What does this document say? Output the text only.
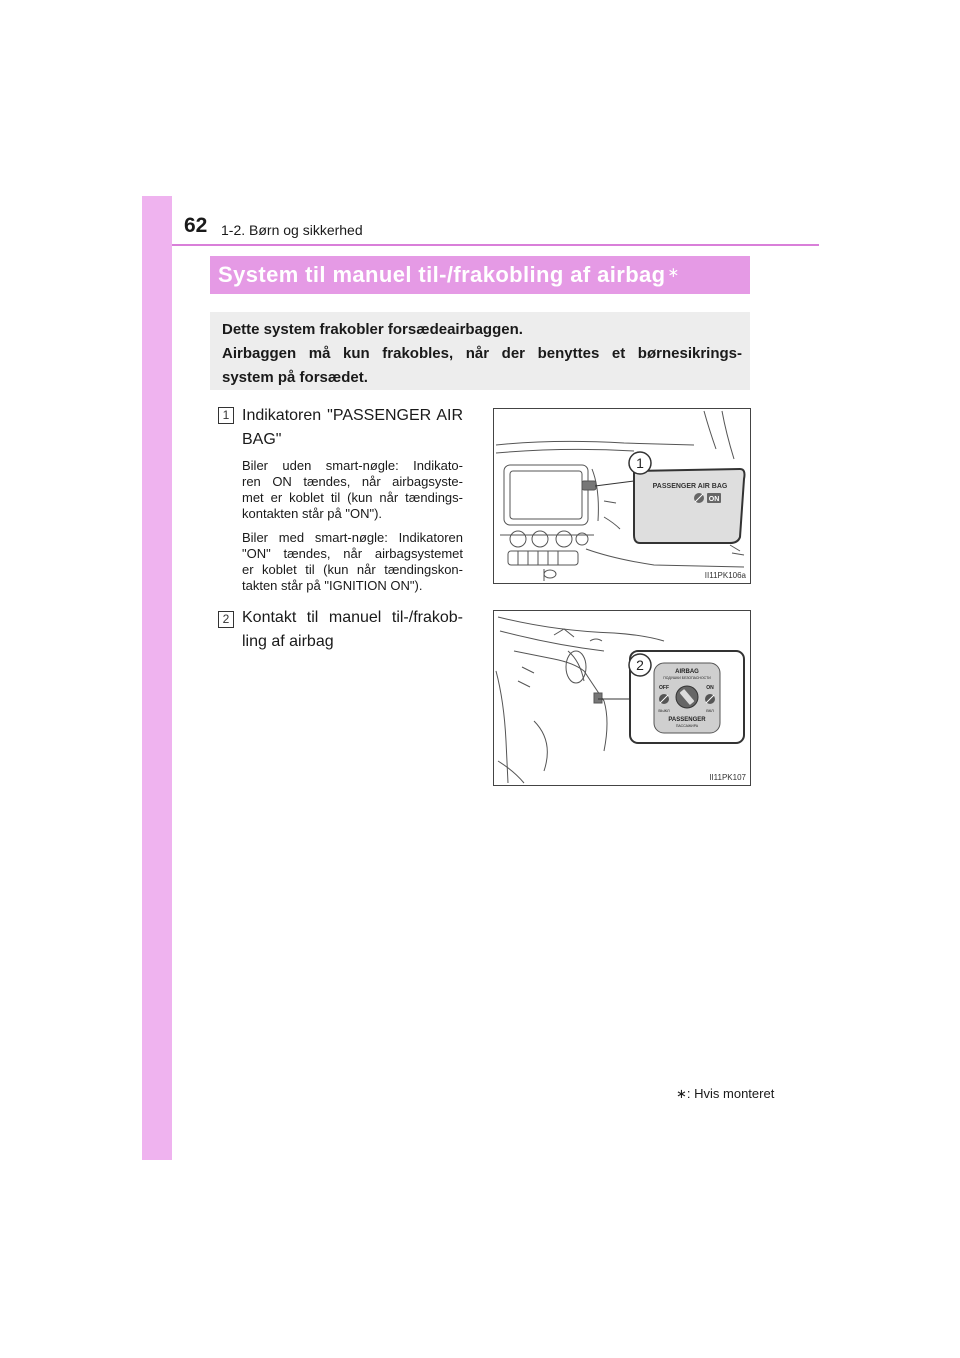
62 1-2. Børn og sikkerhed
System til manuel til-/frakobling af airbag∗

Dette system frakobler forsædeairbaggen.

Airbaggen må kun frakobles, når der benyttes et børnesikrings-

system på forsædet.

1 Indikatoren "PASSENGER AIR
BAG"

Biler uden smart-nøgle: Indikato-
ren ON tændes, når airbagsyste-
met er koblet til (kun når tændings-
kontakten står på "ON").

Biler med smart-nøgle: Indikatoren
"ON" tændes, når airbagsystemet
er koblet til (kun når tændingskon-
takten står på "IGNITION ON").

2 Kontakt til manuel til-/frakob-
ling af airbag
1
PASSENGER AIR BAG
ON
II11PK106a
2	AIRBAG
ПОДУШКИ БЕЗОПАСНОСТИ
OFF	ON
ВЫКЛ	ВКЛ
PASSENGER
ПАССАЖИРА
II11PK107
∗: Hvis monteret
